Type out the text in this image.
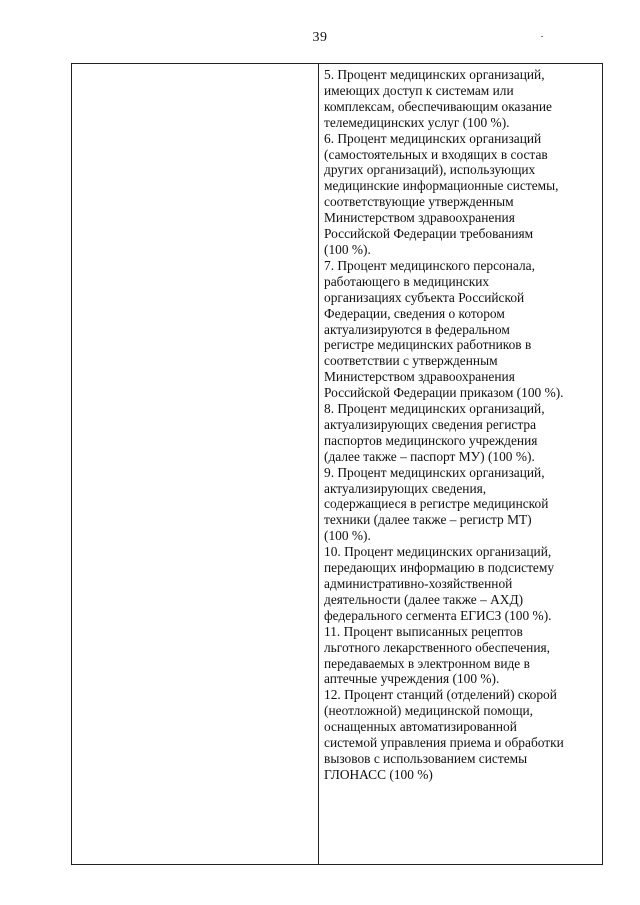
39
5. Процент медицинских организаций,
имеющих доступ к системам или
комплексам, обеспечивающим оказание
телемедицинских услуг (100 %).
6. Процент медицинских организаций
(самостоятельных и входящих в состав
других организаций), использующих
медицинские информационные системы,
соответствующие утвержденным
Министерством здравоохранения
Российской Федерации требованиям
(100 %).
7. Процент медицинского персонала,
работающего в медицинских
организациях субъекта Российской
Федерации, сведения о котором
актуализируются в федеральном
регистре медицинских работников в
соответствии с утвержденным
Министерством здравоохранения
Российской Федерации приказом (100 %).
8. Процент медицинских организаций,
актуализирующих сведения регистра
паспортов медицинского учреждения
(далее также – паспорт МУ) (100 %).
9. Процент медицинских организаций,
актуализирующих сведения,
содержащиеся в регистре медицинской
техники (далее также – регистр МТ)
(100 %).
10. Процент медицинских организаций,
передающих информацию в подсистему
административно-хозяйственной
деятельности (далее также – АХД)
федерального сегмента ЕГИСЗ (100 %).
11. Процент выписанных рецептов
льготного лекарственного обеспечения,
передаваемых в электронном виде в
аптечные учреждения (100 %).
12. Процент станций (отделений) скорой
(неотложной) медицинской помощи,
оснащенных автоматизированной
системой управления приема и обработки
вызовов с использованием системы
ГЛОНАСС (100 %)
